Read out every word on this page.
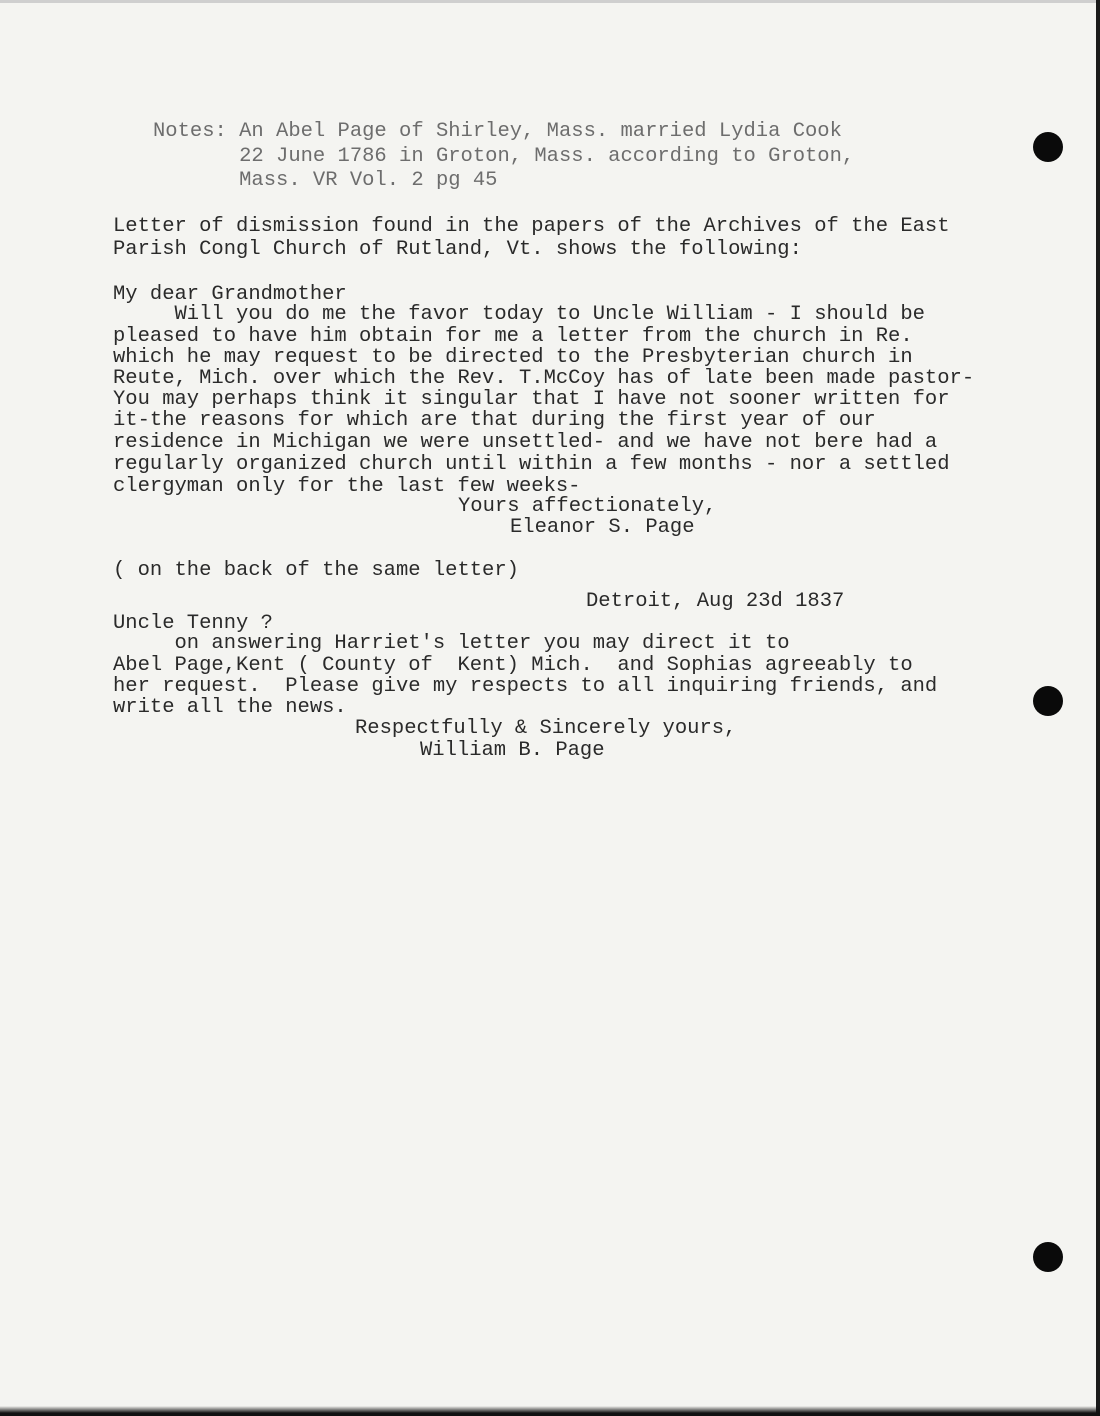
Notes: An Abel Page of Shirley, Mass. married Lydia Cook
22 June 1786 in Groton, Mass. according to Groton,
Mass. VR Vol. 2 pg 45
Letter of dismission found in the papers of the Archives of the East
Parish Congl Church of Rutland, Vt. shows the following:
My dear Grandmother
Will you do me the favor today to Uncle William - I should be
pleased to have him obtain for me a letter from the church in Re.
which he may request to be directed to the Presbyterian church in
Reute, Mich. over which the Rev. T.McCoy has of late been made pastor-
You may perhaps think it singular that I have not sooner written for
it-the reasons for which are that during the first year of our
residence in Michigan we were unsettled- and we have not bere had a
regularly organized church until within a few months - nor a settled
clergyman only for the last few weeks-
Yours affectionately,
Eleanor S. Page
( on the back of the same letter)
Detroit, Aug 23d 1837
Uncle Tenny ?
on answering Harriet's letter you may direct it to
Abel Page,Kent ( County of  Kent) Mich.  and Sophias agreeably to
her request.  Please give my respects to all inquiring friends, and
write all the news.
Respectfully & Sincerely yours,
William B. Page
